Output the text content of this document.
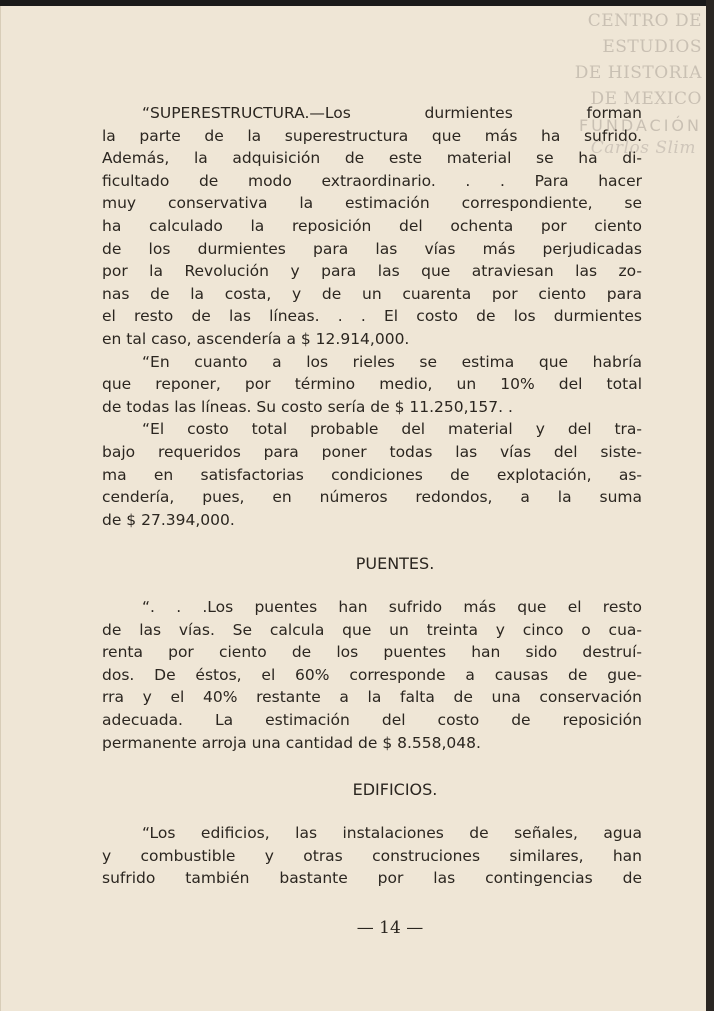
CENTRO DE
ESTUDIOS
DE HISTORIA
DE MEXICO
FUNDACIÓN
Carlos Slim

“SUPERESTRUCTURA.—Los durmientes forman

la parte de la superestructura que más ha sufrido.

Además, la adquisición de este material se ha di-

ficultado de modo extraordinario. . . Para hacer

muy conservativa la estimación correspondiente, se

ha calculado la reposición del ochenta por ciento

de los durmientes para las vías más perjudicadas

por la Revolución y para las que atraviesan las zo-

nas de la costa, y de un cuarenta por ciento para

el resto de las líneas. . . El costo de los durmientes

en tal caso, ascendería a $ 12.914,000.

“En cuanto a los rieles se estima que habría

que reponer, por término medio, un 10% del total

de todas las líneas. Su costo sería de $ 11.250,157. .

“El costo total probable del material y del tra-

bajo requeridos para poner todas las vías del siste-

ma en satisfactorias condiciones de explotación, as-

cendería, pues, en números redondos, a la suma

de $ 27.394,000.

PUENTES.

“. . .Los puentes han sufrido más que el resto

de las vías. Se calcula que un treinta y cinco o cua-

renta por ciento de los puentes han sido destruí-

dos. De éstos, el 60% corresponde a causas de gue-

rra y el 40% restante a la falta de una conservación

adecuada. La estimación del costo de reposición

permanente arroja una cantidad de $ 8.558,048.

EDIFICIOS.

“Los edificios, las instalaciones de señales, agua

y combustible y otras construciones similares, han

sufrido también bastante por las contingencias de

— 14 —
